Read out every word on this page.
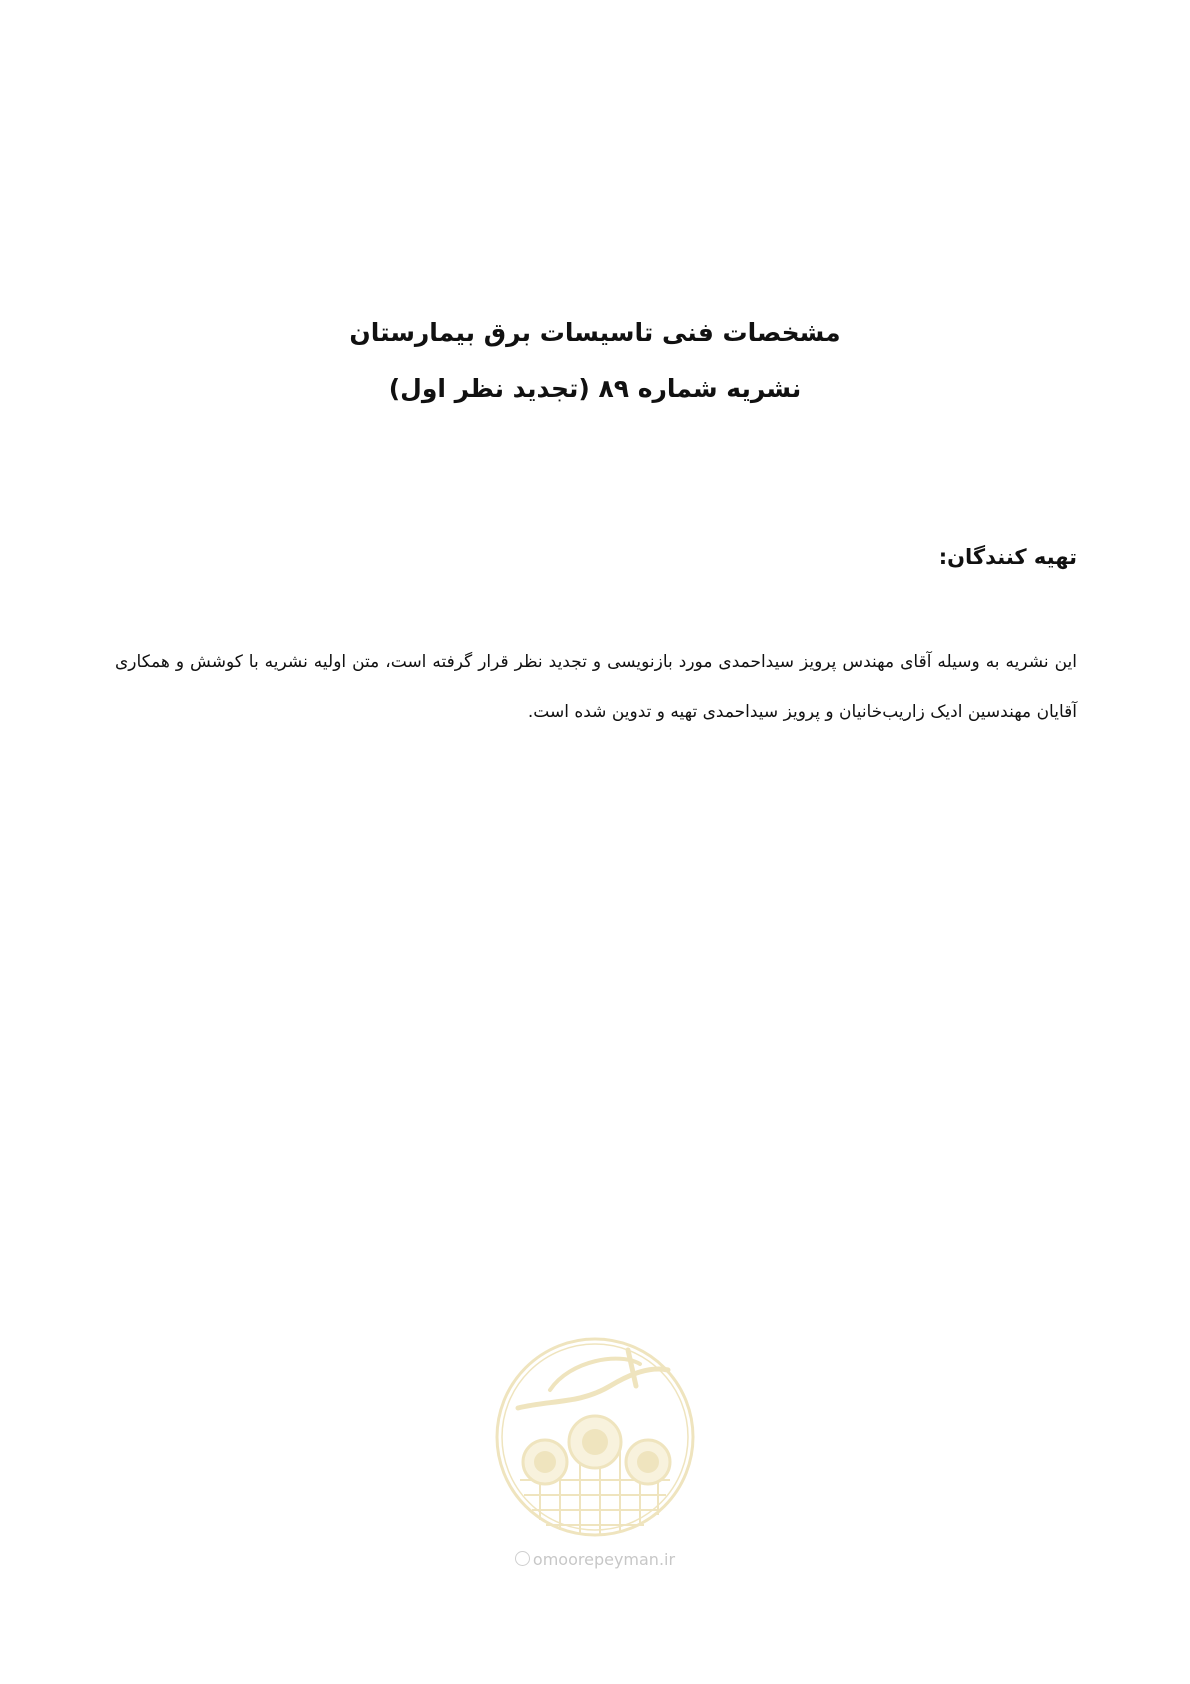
مشخصات فنی تاسیسات برق بیمارستان
نشریه شماره ۸۹ (تجدید نظر اول)
تهیه کنندگان:
این نشریه به وسیله آقای مهندس پرویز سیداحمدی مورد بازنویسی و تجدید نظر قرار گرفته است، متن اولیه نشریه با کوشش و همکاری آقایان مهندسین ادیک زاریب‌خانیان و پرویز سیداحمدی تهیه و تدوین شده است.
omoorepeyman.ir
